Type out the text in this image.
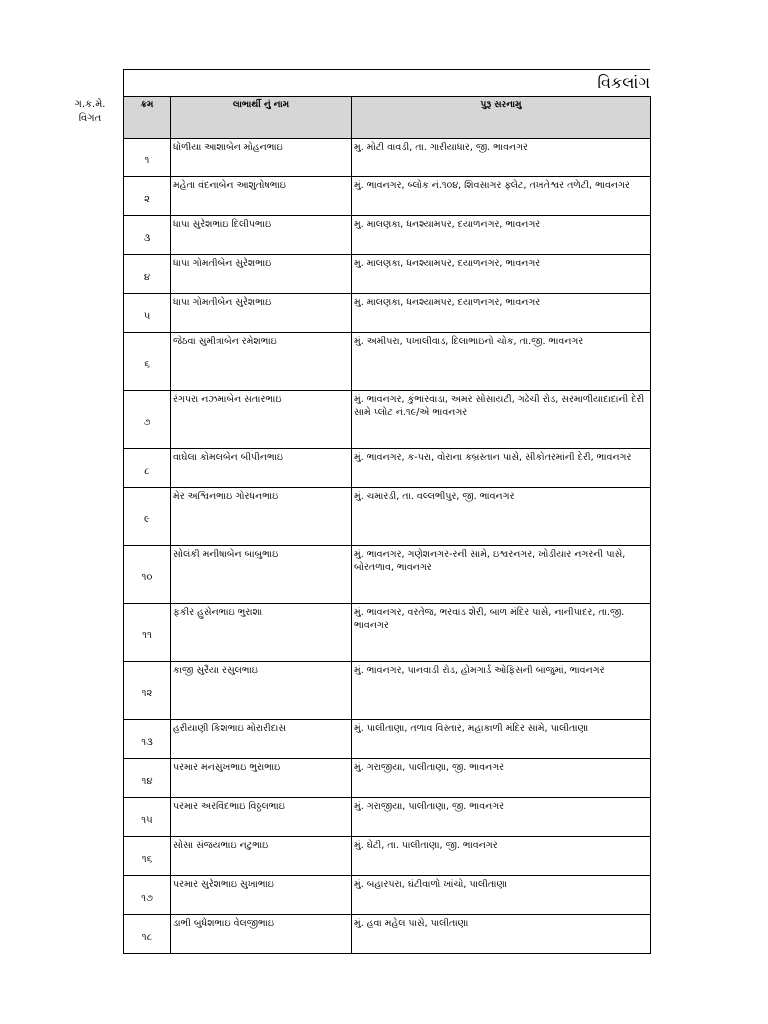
ગ.ક.મે.
વિગત
વિકલાંગ
ક્રમ	લાભાર્થી નું નામ	પુરૂ સરનામુ
૧	ધોળીયા આશાબેન મોહનભાઇ	મુ. મોટી વાવડી, તા. ગારીયાધાર, જી. ભાવનગર
૨	મહેતા વંદનાબેન આશુતોષભાઇ	મું. ભાવનગર, બ્લોક નં.૧૦૪, શિવસાગર ફ્લેટ, તખતેશ્વર તળેટી, ભાવનગર
૩	ધાપા સુરેશભાઇ દિલીપભાઇ	મુ. માલણકા, ધનશ્યામપર, દયાળનગર, ભાવનગર
૪	ધાપા ગોમતીબેન સુરેશભાઇ	મુ. માલણકા, ધનશ્યામપર, દયાળનગર, ભાવનગર
૫	ધાપા ગોમતીબેન સુરેશભાઇ	મુ. માલણકા, ધનશ્યામપર, દયાળનગર, ભાવનગર
૬	જેઠવા સુમીત્રાબેન રમેશભાઇ	મું. અમીપરા, પખાલીવાડ, દિલાભાઇનો ચોક, તા.જી. ભાવનગર
૭	રંગપરા નઝમાબેન સતારભાઇ	મું. ભાવનગર, કુંભારવાડા, અમર સોસાયટી, ગઢેચી રોડ, સરમાળીયાદાદાની દેરી સામે પ્લોટ નં.૧૯/એ ભાવનગર
૮	વાઘેલા કોમલબેન બીપીનભાઇ	મું. ભાવનગર, ક-પરા, વોરાના કબ્રસ્તાન પાસે, સીકોતરમાંની દેરી, ભાવનગર
૯	મેર અશ્વિનભાઇ ગોરધનભાઇ	મું. ચમારડી, તા. વલ્લભીપુર, જી. ભાવનગર
૧૦	સોલંકી મનીષાબેન બાબુભાઇ	મું. ભાવનગર, ગણેશનગર-રની સામે, ઇશ્વરનગર, ખોડીયાર નગરની પાસે, બોરતળાવ, ભાવનગર
૧૧	ફકીર હુસેનભાઇ ભુરાશા	મું. ભાવનગર, વરતેજ, ભરવાડ શેરી, બાળ મંદિર પાસે, નાનીપાદર, તા.જી. ભાવનગર
૧૨	કાજી સુરૈયા રસુલભાઇ	મું. ભાવનગર, પાનવાડી રોડ, હોમગાર્ડ ઓફિસની બાજુમાં, ભાવનગર
૧૩	હરીયાણી કિશભાઇ મોરારીદાસ	મું. પાલીતાણા, તળાવ વિસ્તાર, મહાકાળી મંદિર સામે, પાલીતાણા
૧૪	પરમાર મનસુખભાઇ ભુરાભાઇ	મું. ગરાજીયા, પાલીતાણા, જી. ભાવનગર
૧૫	પરમાર અરવિંદભાઇ વિઠ્ઠલભાઇ	મું. ગરાજીયા, પાલીતાણા, જી. ભાવનગર
૧૬	સોસા સંજયભાઇ નટુભાઇ	મું. ઘેટી, તા. પાલીતાણા, જી. ભાવનગર
૧૭	પરમાર સુરેશભાઇ સુખાભાઇ	મું. બહારપરા, ઘંટીવાળો ખાંચો, પાલીતાણા
૧૮	ડાભી બુધેશભાઇ વેલજીભાઇ	મું. હવા મહેલ પાસે, પાલીતાણા
